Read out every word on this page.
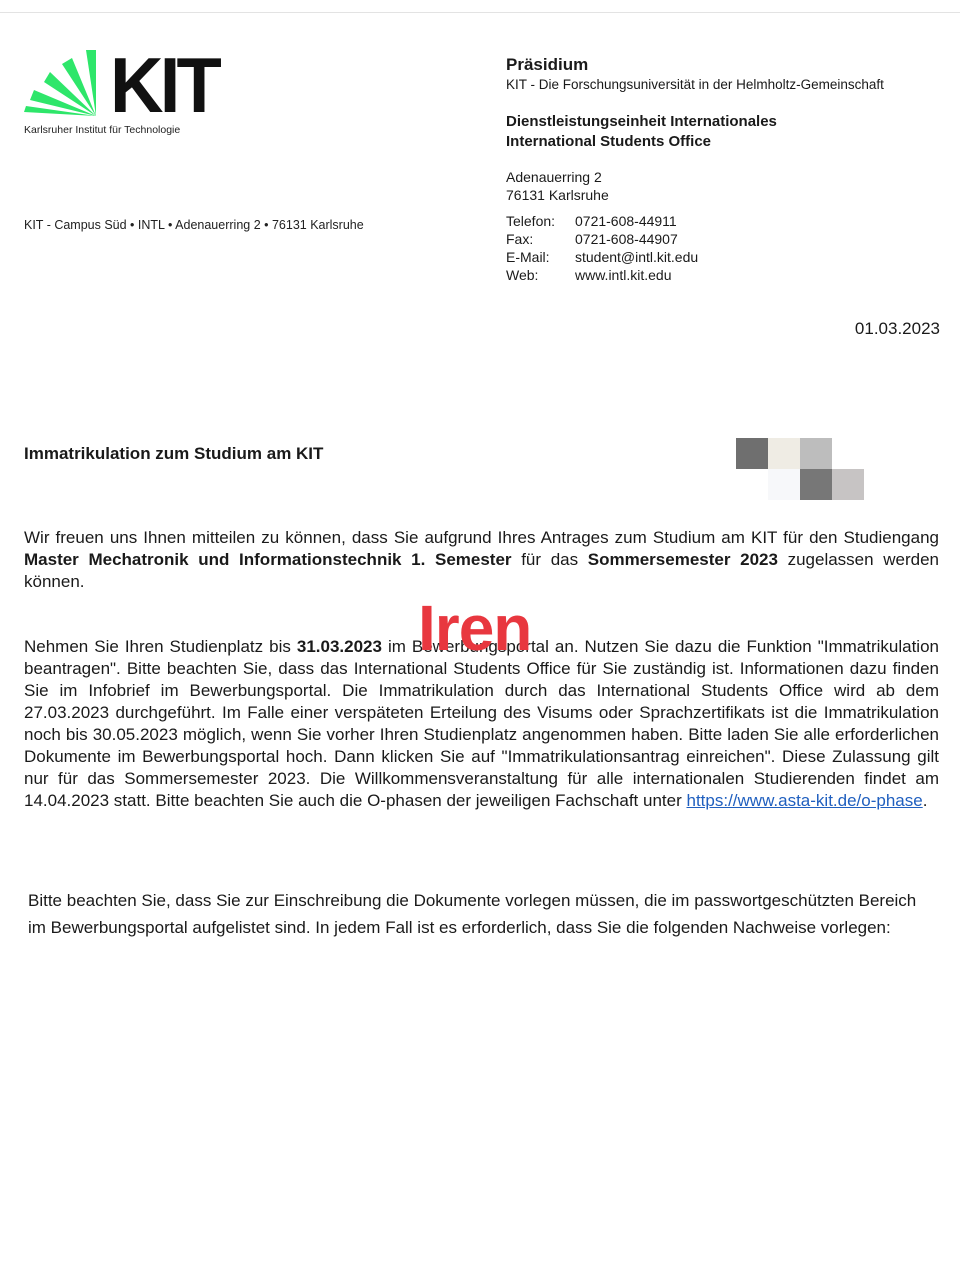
KIT
Karlsruher Institut für Technologie
KIT - Campus Süd • INTL • Adenauerring 2 • 76131 Karlsruhe
Präsidium
KIT - Die Forschungsuniversität in der Helmholtz-Gemeinschaft
Dienstleistungseinheit Internationales
International Students Office
Adenauerring 2
76131 Karlsruhe
Telefon:	0721-608-44911
Fax:	0721-608-44907
E-Mail:	student@intl.kit.edu
Web:	www.intl.kit.edu
01.03.2023
Immatrikulation zum Studium am KIT
Wir freuen uns Ihnen mitteilen zu können, dass Sie aufgrund Ihres Antrages zum Studium am KIT für den Studiengang Master Mechatronik und Informationstechnik 1. Semester für das Sommersemester 2023 zugelassen werden können.
Nehmen Sie Ihren Studienplatz bis 31.03.2023 im Bewerbungsportal an. Nutzen Sie dazu die Funktion "Immatrikulation beantragen". Bitte beachten Sie, dass das International Students Office für Sie zuständig ist. Informationen dazu finden Sie im Infobrief im Bewerbungsportal. Die Immatrikulation durch das International Students Office wird ab dem 27.03.2023 durchgeführt. Im Falle einer verspäteten Erteilung des Visums oder Sprachzertifikats ist die Immatrikulation noch bis 30.05.2023 möglich, wenn Sie vorher Ihren Studienplatz angenommen haben. Bitte laden Sie alle erforderlichen Dokumente im Bewerbungsportal hoch. Dann klicken Sie auf "Immatrikulationsantrag einreichen". Diese Zulassung gilt nur für das Sommersemester 2023. Die Willkommensveranstaltung für alle internationalen Studierenden findet am 14.04.2023 statt. Bitte beachten Sie auch die O-phasen der jeweiligen Fachschaft unter https://www.asta-kit.de/o-phase.
Bitte beachten Sie, dass Sie zur Einschreibung die Dokumente vorlegen müssen, die im passwortgeschützten Bereich im Bewerbungsportal aufgelistet sind. In jedem Fall ist es erforderlich, dass Sie die folgenden Nachweise vorlegen:
Iren
